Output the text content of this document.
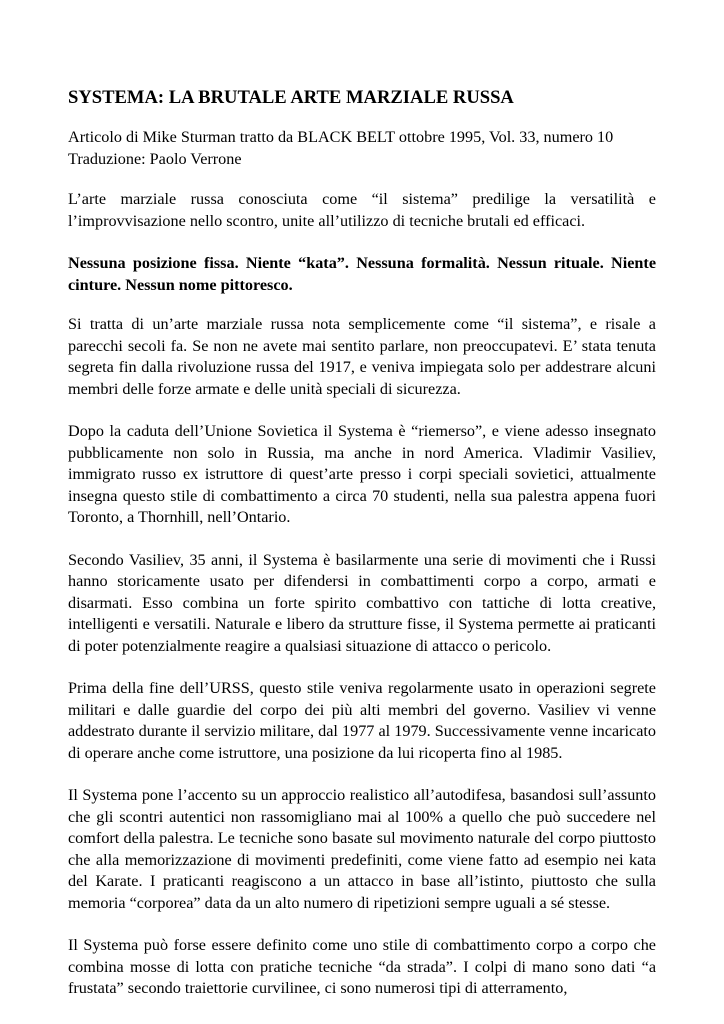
SYSTEMA: LA BRUTALE ARTE MARZIALE RUSSA
Articolo di Mike Sturman tratto da BLACK BELT ottobre 1995, Vol. 33, numero 10
Traduzione: Paolo Verrone

L’arte marziale russa conosciuta come “il sistema” predilige la versatilità e l’improvvisazione nello scontro, unite all’utilizzo di tecniche brutali ed efficaci.

Nessuna posizione fissa. Niente “kata”. Nessuna formalità. Nessun rituale. Niente cinture. Nessun nome pittoresco.

Si tratta di un’arte marziale russa nota semplicemente come “il sistema”, e risale a parecchi secoli fa. Se non ne avete mai sentito parlare, non preoccupatevi. E’ stata tenuta segreta fin dalla rivoluzione russa del 1917, e veniva impiegata solo per addestrare alcuni membri delle forze armate e delle unità speciali di sicurezza.

Dopo la caduta dell’Unione Sovietica il Systema è “riemerso”, e viene adesso insegnato pubblicamente non solo in Russia, ma anche in nord America. Vladimir Vasiliev, immigrato russo ex istruttore di quest’arte presso i corpi speciali sovietici, attualmente insegna questo stile di combattimento a circa 70 studenti, nella sua palestra appena fuori Toronto, a Thornhill, nell’Ontario.

Secondo Vasiliev, 35 anni, il Systema è basilarmente una serie di movimenti che i Russi hanno storicamente usato per difendersi in combattimenti corpo a corpo, armati e disarmati. Esso combina un forte spirito combattivo con tattiche di lotta creative, intelligenti e versatili. Naturale e libero da strutture fisse, il Systema permette ai praticanti di poter potenzialmente reagire a qualsiasi situazione di attacco o pericolo.

Prima della fine dell’URSS, questo stile veniva regolarmente usato in operazioni segrete militari e dalle guardie del corpo dei più alti membri del governo. Vasiliev vi venne addestrato durante il servizio militare, dal 1977 al 1979. Successivamente venne incaricato di operare anche come istruttore, una posizione da lui ricoperta fino al 1985.

Il Systema pone l’accento su un approccio realistico all’autodifesa, basandosi sull’assunto che gli scontri autentici non rassomigliano mai al 100% a quello che può succedere nel comfort della palestra. Le tecniche sono basate sul movimento naturale del corpo piuttosto che alla memorizzazione di movimenti predefiniti, come viene fatto ad esempio nei kata del Karate. I praticanti reagiscono a un attacco in base all’istinto, piuttosto che sulla memoria “corporea” data da un alto numero di ripetizioni sempre uguali a sé stesse.

Il Systema può forse essere definito come uno stile di combattimento corpo a corpo che combina mosse di lotta con pratiche tecniche “da strada”. I colpi di mano sono dati “a frustata” secondo traiettorie curvilinee, ci sono numerosi tipi di atterramento,
